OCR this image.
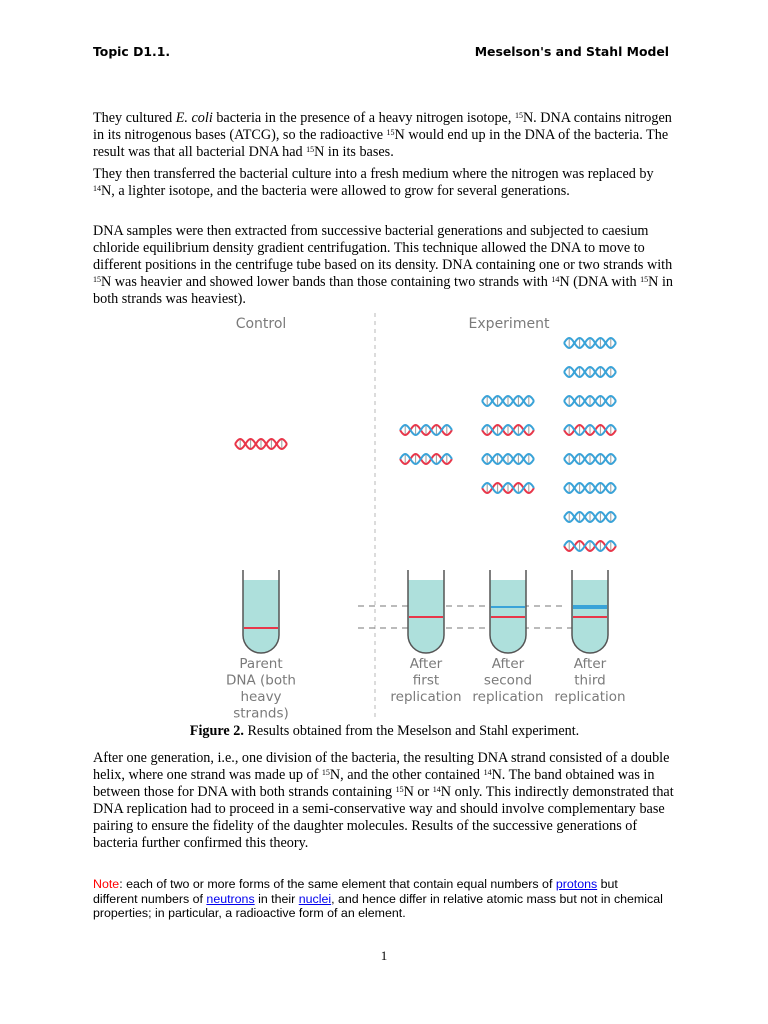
Topic D1.1.	Meselson's and Stahl Model

They cultured E. coli bacteria in the presence of a heavy nitrogen isotope, $^{15}$N. DNA contains nitrogen in its nitrogenous bases (ATCG), so the radioactive $^{15}$N would end up in the DNA of the bacteria. The result was that all bacterial DNA had $^{15}$N in its bases.

They then transferred the bacterial culture into a fresh medium where the nitrogen was replaced by $^{14}$N, a lighter isotope, and the bacteria were allowed to grow for several generations.

DNA samples were then extracted from successive bacterial generations and subjected to caesium chloride equilibrium density gradient centrifugation. This technique allowed the DNA to move to different positions in the centrifuge tube based on its density. DNA containing one or two strands with $^{15}$N was heavier and showed lower bands than those containing two strands with $^{14}$N (DNA with $^{15}$N in both strands was heaviest).

Control	Experiment
Parent
DNA (both
heavy
strands)
After
first
replication
After
second
replication
After
third
replication
Figure 2. Results obtained from the Meselson and Stahl experiment.

After one generation, i.e., one division of the bacteria, the resulting DNA strand consisted of a double helix, where one strand was made up of $^{15}$N, and the other contained $^{14}$N. The band obtained was in between those for DNA with both strands containing $^{15}$N or $^{14}$N only. This indirectly demonstrated that DNA replication had to proceed in a semi-conservative way and should involve complementary base pairing to ensure the fidelity of the daughter molecules. Results of the successive generations of bacteria further confirmed this theory.

Note: each of two or more forms of the same element that contain equal numbers of protons but different numbers of neutrons in their nuclei, and hence differ in relative atomic mass but not in chemical properties; in particular, a radioactive form of an element.
1
